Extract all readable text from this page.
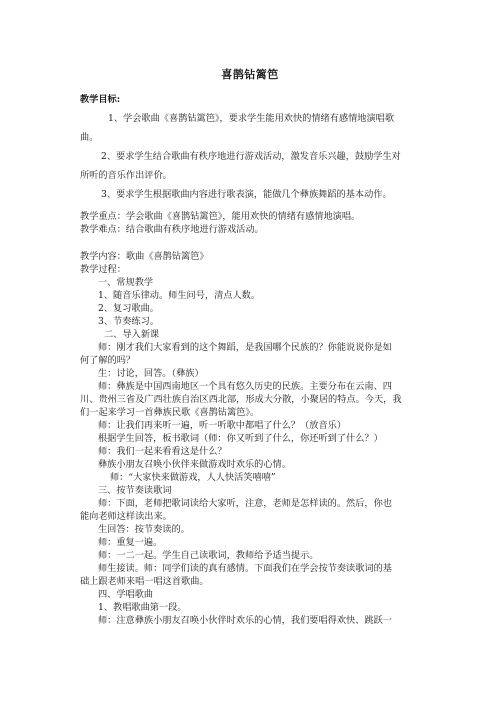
喜鹊钻篱笆
教学目标:
1、学会歌曲《喜鹊钻篱笆》，要求学生能用欢快的情绪有感情地演唱歌
曲。
2、要求学生结合歌曲有秩序地进行游戏活动，激发音乐兴趣，鼓励学生对
所听的音乐作出评价。
3、要求学生根据歌曲内容进行歌表演，能做几个彝族舞蹈的基本动作。
教学重点：学会歌曲《喜鹊钻篱笆》，能用欢快的情绪有感情地演唱。
教学难点：结合歌曲有秩序地进行游戏活动。
教学内容：歌曲《喜鹊钻篱笆》
教学过程：
一、常规教学
1、随音乐律动。师生问号，清点人数。
2、复习歌曲。
3、节奏练习。
二、导入新课
师：刚才我们大家看到的这个舞蹈，是我国哪个民族的？你能说说你是如
何了解的吗？
生：讨论，回答。（彝族）
师：彝族是中国西南地区一个具有悠久历史的民族。主要分布在云南、四
川、贵州三省及广西壮族自治区西北部，形成大分散，小聚居的特点。今天，我
们一起来学习一首彝族民歌《喜鹊钻篱笆》。
师：让我们再来听一遍，听一听歌中都唱了什么？（放音乐）
根据学生回答，板书歌词（师：你又听到了什么，你还听到了什么？）
师：我们一起来看看这是什么？
彝族小朋友召唤小伙伴来做游戏时欢乐的心情。
师：“大家快来做游戏，人人快活笑嘻嘻”
三、按节奏读歌词
师：下面，老师把歌词读给大家听，注意，老师是怎样读的。然后，你也
能向老师这样读出来。
生回答：按节奏读的。
师：重复一遍。
师：一二一起。学生自己读歌词，教师给予适当提示。
师生接读。师：同学们读的真有感情。下面我们在学会按节奏读歌词的基
础上跟老师来唱一唱这首歌曲。
四、学唱歌曲
1、教唱歌曲第一段。
师：注意彝族小朋友召唤小伙伴时欢乐的心情，我们要唱得欢快、跳跃一
